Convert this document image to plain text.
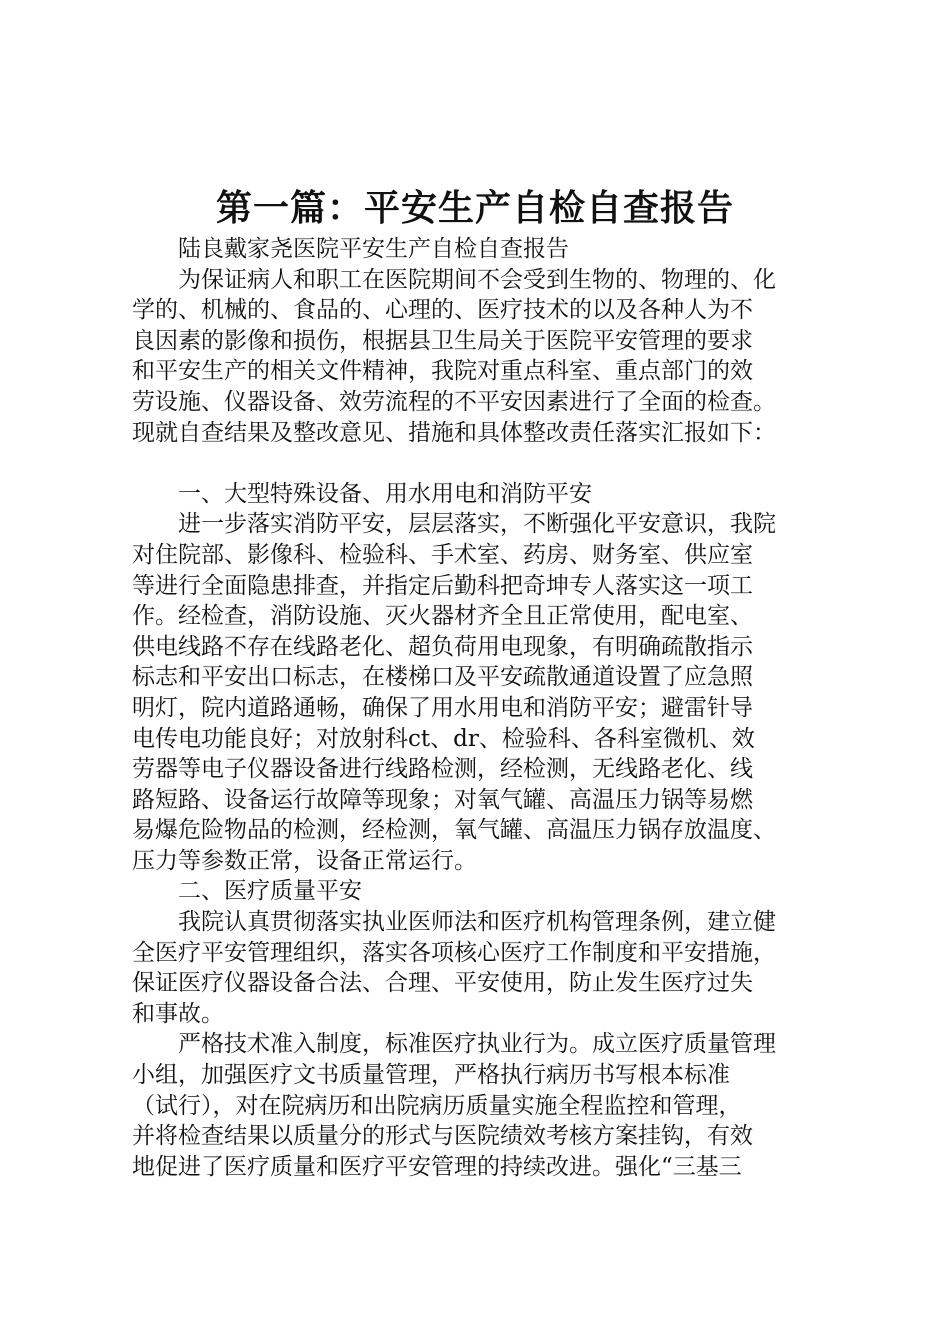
第一篇：平安生产自检自查报告

陆良戴家尧医院平安生产自检自查报告

为保证病人和职工在医院期间不会受到生物的、物理的、化

学的、机械的、食品的、心理的、医疗技术的以及各种人为不

良因素的影像和损伤，根据县卫生局关于医院平安管理的要求

和平安生产的相关文件精神，我院对重点科室、重点部门的效

劳设施、仪器设备、效劳流程的不平安因素进行了全面的检查。

现就自查结果及整改意见、措施和具体整改责任落实汇报如下：

一、大型特殊设备、用水用电和消防平安

进一步落实消防平安，层层落实，不断强化平安意识，我院

对住院部、影像科、检验科、手术室、药房、财务室、供应室

等进行全面隐患排查，并指定后勤科把奇坤专人落实这一项工

作。经检查，消防设施、灭火器材齐全且正常使用，配电室、

供电线路不存在线路老化、超负荷用电现象，有明确疏散指示

标志和平安出口标志，在楼梯口及平安疏散通道设置了应急照

明灯，院内道路通畅，确保了用水用电和消防平安；避雷针导

电传电功能良好；对放射科ct、dr、检验科、各科室微机、效

劳器等电子仪器设备进行线路检测，经检测，无线路老化、线

路短路、设备运行故障等现象；对氧气罐、高温压力锅等易燃

易爆危险物品的检测，经检测，氧气罐、高温压力锅存放温度、

压力等参数正常，设备正常运行。

二、医疗质量平安

我院认真贯彻落实执业医师法和医疗机构管理条例，建立健

全医疗平安管理组织，落实各项核心医疗工作制度和平安措施，

保证医疗仪器设备合法、合理、平安使用，防止发生医疗过失

和事故。

严格技术准入制度，标准医疗执业行为。成立医疗质量管理

小组，加强医疗文书质量管理，严格执行病历书写根本标准

（试行），对在院病历和出院病历质量实施全程监控和管理，

并将检查结果以质量分的形式与医院绩效考核方案挂钩，有效

地促进了医疗质量和医疗平安管理的持续改进。强化“三基三
